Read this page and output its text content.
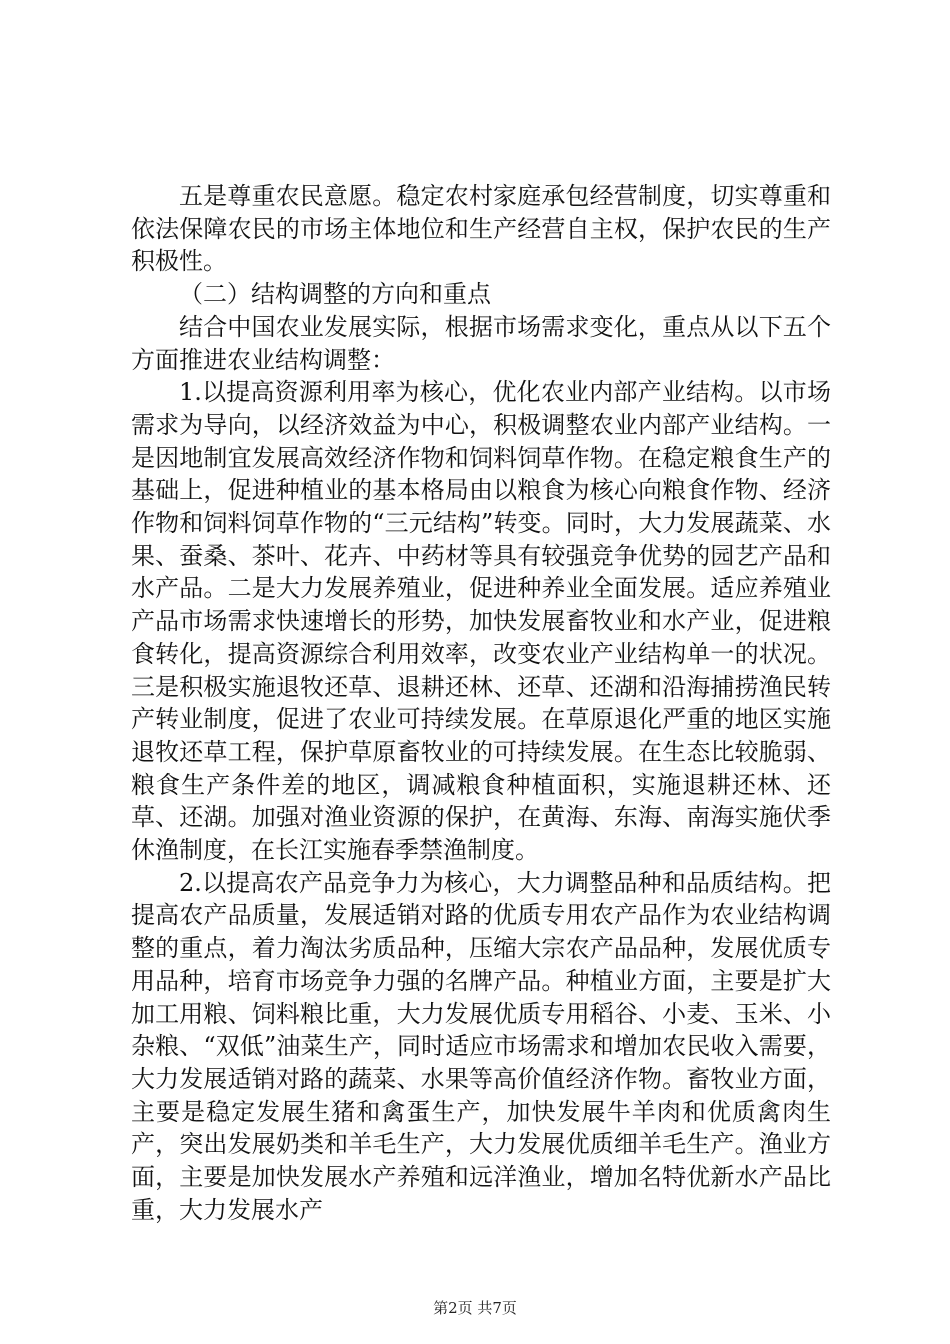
五是尊重农民意愿。稳定农村家庭承包经营制度，切实尊重和依法保障农民的市场主体地位和生产经营自主权，保护农民的生产积极性。

（二）结构调整的方向和重点

结合中国农业发展实际，根据市场需求变化，重点从以下五个方面推进农业结构调整：

1.以提高资源利用率为核心，优化农业内部产业结构。以市场需求为导向，以经济效益为中心，积极调整农业内部产业结构。一是因地制宜发展高效经济作物和饲料饲草作物。在稳定粮食生产的基础上，促进种植业的基本格局由以粮食为核心向粮食作物、经济作物和饲料饲草作物的“三元结构”转变。同时，大力发展蔬菜、水果、蚕桑、茶叶、花卉、中药材等具有较强竞争优势的园艺产品和水产品。二是大力发展养殖业，促进种养业全面发展。适应养殖业产品市场需求快速增长的形势，加快发展畜牧业和水产业，促进粮食转化，提高资源综合利用效率，改变农业产业结构单一的状况。三是积极实施退牧还草、退耕还林、还草、还湖和沿海捕捞渔民转产转业制度，促进了农业可持续发展。在草原退化严重的地区实施退牧还草工程，保护草原畜牧业的可持续发展。在生态比较脆弱、粮食生产条件差的地区，调减粮食种植面积，实施退耕还林、还草、还湖。加强对渔业资源的保护，在黄海、东海、南海实施伏季休渔制度，在长江实施春季禁渔制度。

2.以提高农产品竞争力为核心，大力调整品种和品质结构。把提高农产品质量，发展适销对路的优质专用农产品作为农业结构调整的重点，着力淘汰劣质品种，压缩大宗农产品品种，发展优质专用品种，培育市场竞争力强的名牌产品。种植业方面，主要是扩大加工用粮、饲料粮比重，大力发展优质专用稻谷、小麦、玉米、小杂粮、“双低”油菜生产，同时适应市场需求和增加农民收入需要，大力发展适销对路的蔬菜、水果等高价值经济作物。畜牧业方面，主要是稳定发展生猪和禽蛋生产，加快发展牛羊肉和优质禽肉生产，突出发展奶类和羊毛生产，大力发展优质细羊毛生产。渔业方面，主要是加快发展水产养殖和远洋渔业，增加名特优新水产品比重，大力发展水产

第2页 共7页
